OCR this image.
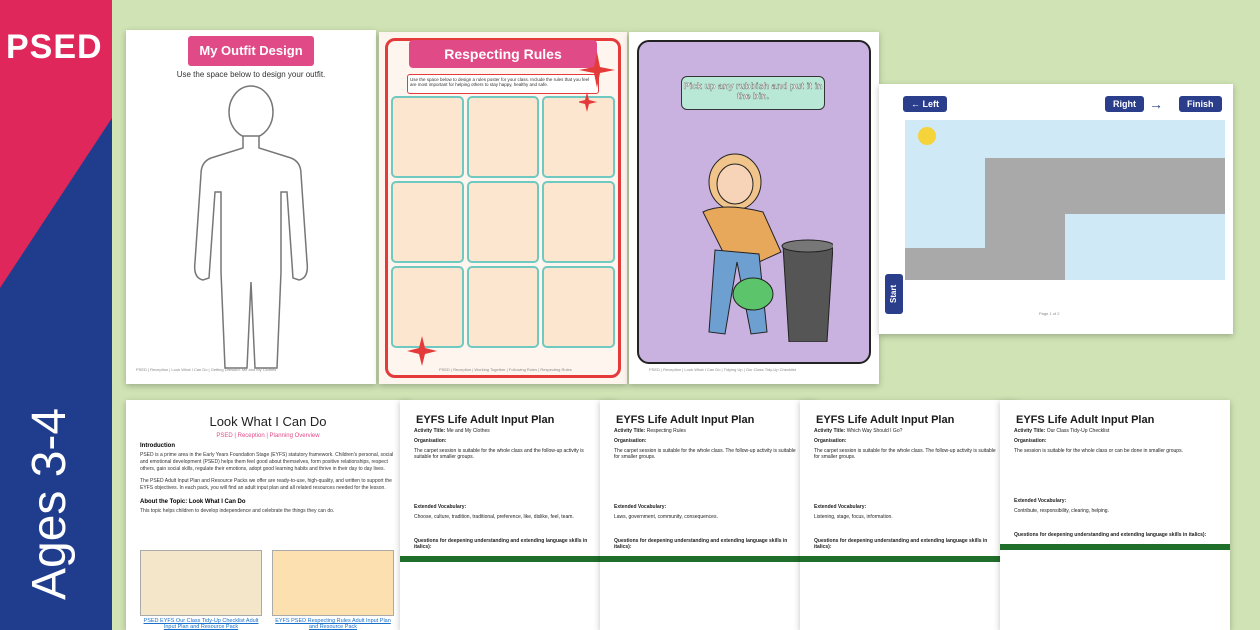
PSED
Ages 3-4
My Outfit Design
Use the space below to design your outfit.
PSED | Reception | Look What I Can Do | Getting Dressed: Me and My Clothes
Respecting Rules
Use the space below to design a rules poster for your class. Include the rules that you feel are most important for helping others to stay happy, healthy and safe.
PSED | Reception | Working Together | Following Rules | Respecting Rules
Pick up any rubbish and put it in the bin.
PSED | Reception | Look What I Can Do | Tidying Up | Our Class Tidy-Up Checklist
← Left	Right →	Finish
Start
Page 1 of 2
Look What I Can Do
PSED | Reception | Planning Overview
Introduction
PSED is a prime area in the Early Years Foundation Stage (EYFS) statutory framework. Children's personal, social and emotional development (PSED) helps them feel good about themselves, form positive relationships, respect others, gain social skills, regulate their emotions, adopt good learning habits and thrive in their day to day lives.
The PSED Adult Input Plan and Resource Packs we offer are ready-to-use, high-quality, and written to support the EYFS objectives. In each pack, you will find an adult input plan and all related resources needed for the lesson.
About the Topic: Look What I Can Do
This topic helps children to develop independence and celebrate the things they can do.
PSED EYFS Our Class Tidy-Up Checklist Adult Input Plan and Resource Pack
EYFS PSED Respecting Rules Adult Input Plan and Resource Pack
EYFS Life Adult Input Plan
Activity Title: Me and My Clothes
Organisation:
The carpet session is suitable for the whole class and the follow-up activity is suitable for smaller groups.
Extended Vocabulary:
Choose, culture, tradition, traditional, preference, like, dislike, feel, team.
Questions for deepening understanding and extending language skills in italics):
EYFS Life Adult Input Plan
Activity Title: Respecting Rules
Organisation:
The carpet session is suitable for the whole class. The follow-up activity is suitable for smaller groups.
Extended Vocabulary:
Laws, government, community, consequences.
Questions for deepening understanding and extending language skills in italics):
EYFS Life Adult Input Plan
Activity Title: Which Way Should I Go?
Organisation:
The carpet session is suitable for the whole class. The follow-up activity is suitable for smaller groups.
Extended Vocabulary:
Listening, stage, focus, information.
Questions for deepening understanding and extending language skills in italics):
EYFS Life Adult Input Plan
Activity Title: Our Class Tidy-Up Checklist
Organisation:
The session is suitable for the whole class or can be done in smaller groups.
Extended Vocabulary:
Contribute, responsibility, clearing, helping.
Questions for deepening understanding and extending language skills in italics):
